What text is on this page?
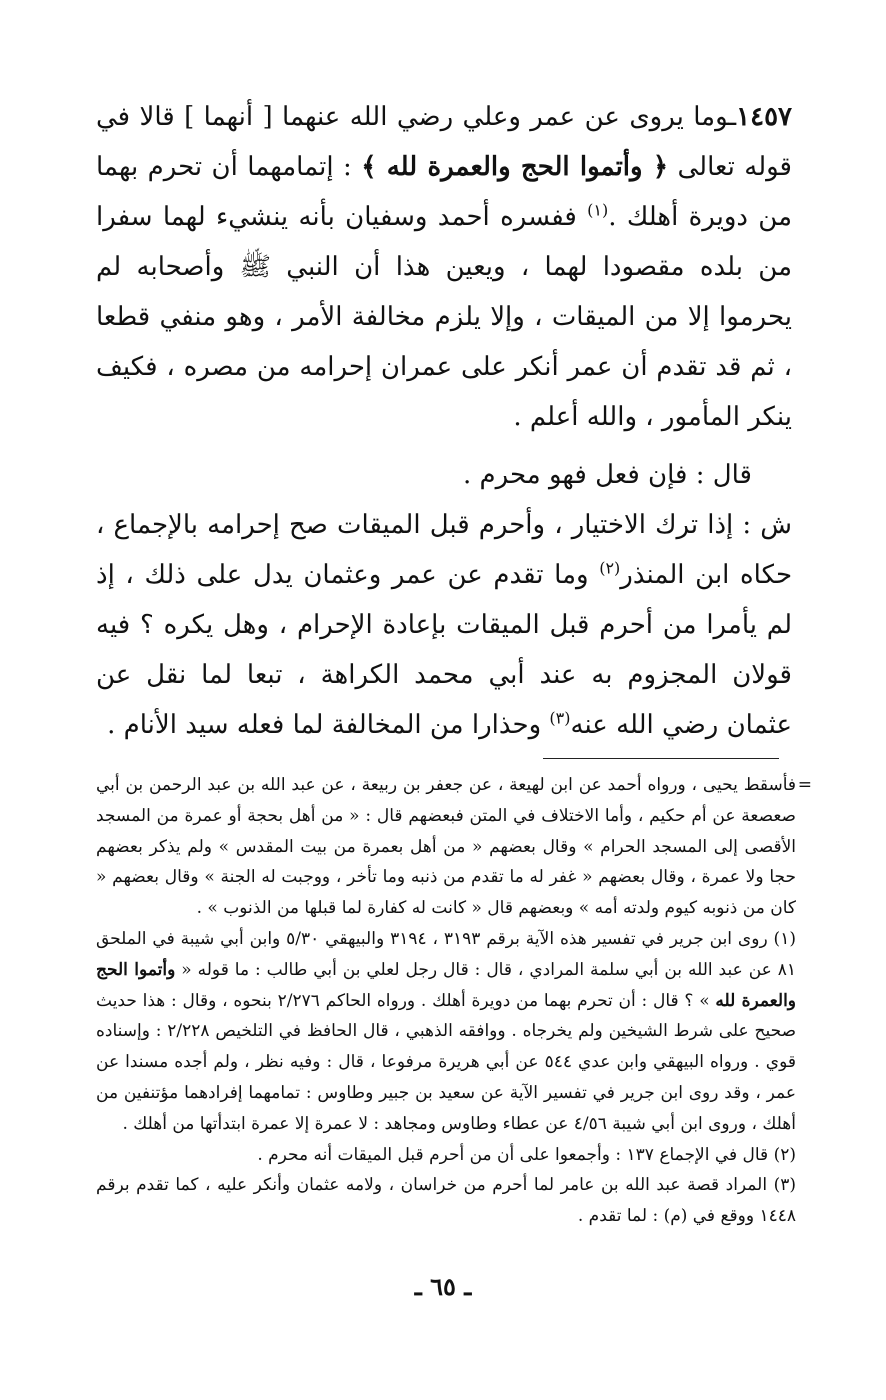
١٤٥٧ـوما يروى عن عمر وعلي رضي الله عنهما [ أنهما ] قالا في قوله تعالى ﴿ وأتموا الحج والعمرة لله ﴾ : إتمامهما أن تحرم بهما من دويرة أهلك .$^{(١)}$ ففسره أحمد وسفيان بأنه ينشيء لهما سفرا من بلده مقصودا لهما ، ويعين هذا أن النبي ﷺ وأصحابه لم يحرموا إلا من الميقات ، وإلا يلزم مخالفة الأمر ، وهو منفي قطعا ، ثم قد تقدم أن عمر أنكر على عمران إحرامه من مصره ، فكيف ينكر المأمور ، والله أعلم .

قال : فإن فعل فهو محرم .

ش : إذا ترك الاختيار ، وأحرم قبل الميقات صح إحرامه بالإجماع ، حكاه ابن المنذر$^{(٢)}$ وما تقدم عن عمر وعثمان يدل على ذلك ، إذ لم يأمرا من أحرم قبل الميقات بإعادة الإحرام ، وهل يكره ؟ فيه قولان المجزوم به عند أبي محمد الكراهة ، تبعا لما نقل عن عثمان رضي الله عنه$^{(٣)}$ وحذارا من المخالفة لما فعله سيد الأنام .

=

فأسقط يحيى ، ورواه أحمد عن ابن لهيعة ، عن جعفر بن ربيعة ، عن عبد الله بن عبد الرحمن بن أبي صعصعة عن أم حكيم ، وأما الاختلاف في المتن فبعضهم قال : « من أهل بحجة أو عمرة من المسجد الأقصى إلى المسجد الحرام » وقال بعضهم « من أهل بعمرة من بيت المقدس » ولم يذكر بعضهم حجا ولا عمرة ، وقال بعضهم « غفر له ما تقدم من ذنبه وما تأخر ، ووجبت له الجنة » وقال بعضهم « كان من ذنوبه كيوم ولدته أمه » وبعضهم قال « كانت له كفارة لما قبلها من الذنوب » .

(١) روى ابن جرير في تفسير هذه الآية برقم ٣١٩٣ ، ٣١٩٤ والبيهقي ٥/٣٠ وابن أبي شيبة في الملحق ٨١ عن عبد الله بن أبي سلمة المرادي ، قال : قال رجل لعلي بن أبي طالب : ما قوله « وأتموا الحج والعمرة لله » ؟ قال : أن تحرم بهما من دويرة أهلك . ورواه الحاكم ٢/٢٧٦ بنحوه ، وقال : هذا حديث صحيح على شرط الشيخين ولم يخرجاه . ووافقه الذهبي ، قال الحافظ في التلخيص ٢/٢٢٨ : وإسناده قوي . ورواه البيهقي وابن عدي ٥٤٤ عن أبي هريرة مرفوعا ، قال : وفيه نظر ، ولم أجده مسندا عن عمر ، وقد روى ابن جرير في تفسير الآية عن سعيد بن جبير وطاوس : تمامهما إفرادهما مؤتنفين من أهلك ، وروى ابن أبي شيبة ٤/٥٦ عن عطاء وطاوس ومجاهد : لا عمرة إلا عمرة ابتدأتها من أهلك .

(٢) قال في الإجماع ١٣٧ : وأجمعوا على أن من أحرم قبل الميقات أنه محرم .

(٣) المراد قصة عبد الله بن عامر لما أحرم من خراسان ، ولامه عثمان وأنكر عليه ، كما تقدم برقم ١٤٤٨ ووقع في (م) : لما تقدم .

ـ ٦٥ ـ
